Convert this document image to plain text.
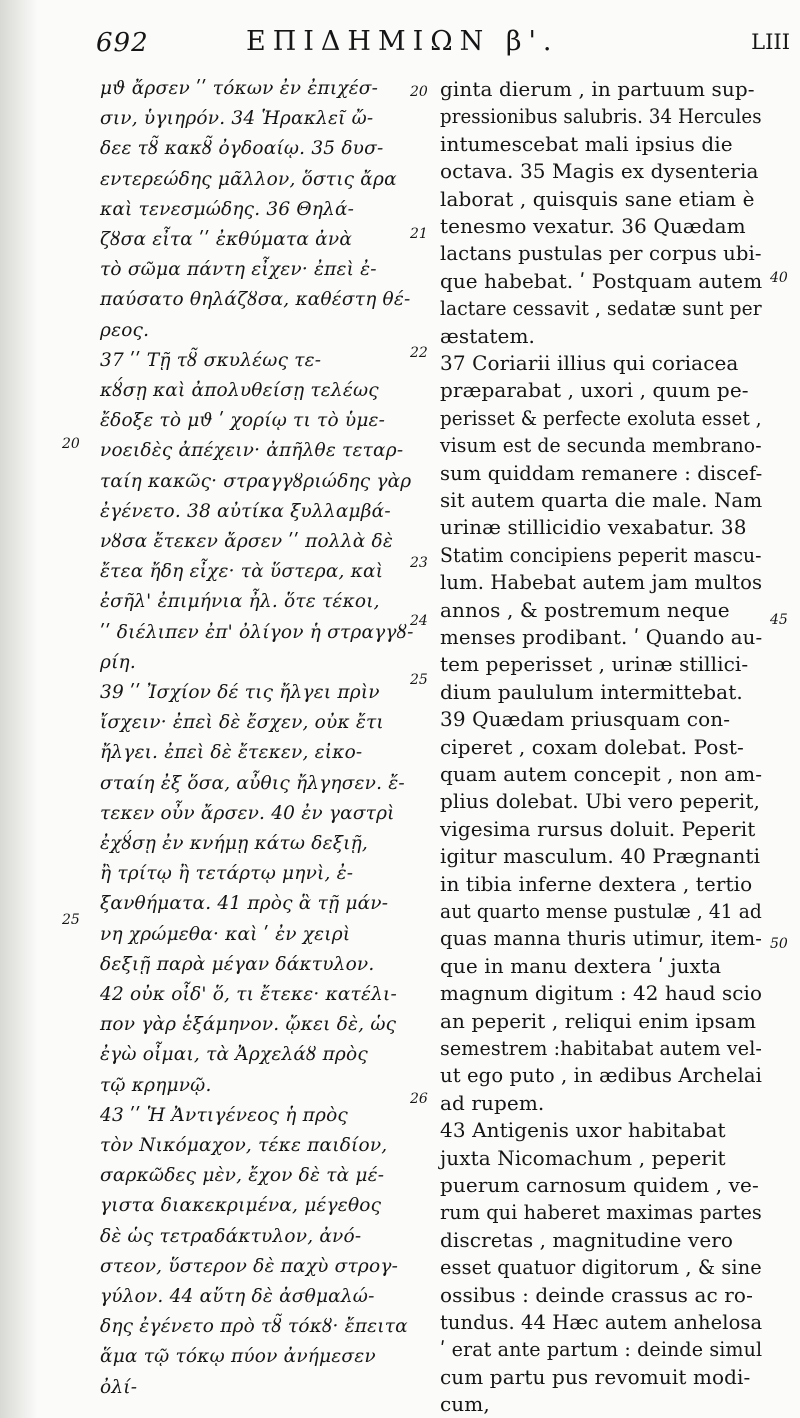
692	ΕΠΙΔΗΜΙΩΝ β'.	LIII
μϑ ἄρσεν ʹʹ τόκων ἐν ἐπιχέσ-
σιν, ὑγιηρόν. 34 Ἡρακλεῖ ὤ-
δεε τȣ̃ κακȣ̃ ὀγδοαίῳ. 35 δυσ-
εντερεώδης μᾶλλον, ὅστις ἄρα
καὶ τενεσμώδης. 36 Θηλά-
ζȣσα εἶτα ʹʹ ἐκθύματα ἀνὰ
τὸ σῶμα πάντη εἶχεν· ἐπεὶ ἐ-
παύσατο θηλάζȣσα, καθέστη θέ-
ρεος.
37 ʹʹ Τῇ τȣ̃ σκυλέως τε-
κȣ́σῃ καὶ ἀπολυθείσῃ τελέως
ἔδοξε τὸ μϑ ʹ χορίῳ τι τὸ ὑμε-
νοειδὲς ἀπέχειν· ἀπῆλθε τεταρ-
ταίη κακῶς· στραγγȣριώδης γὰρ
ἐγένετο. 38 αὐτίκα ξυλλαμβά-
νȣσα ἔτεκεν ἄρσεν ʹʹ πολλὰ δὲ
ἔτεα ἤδη εἶχε· τὰ ὕστερα, καὶ
ἐσῆλ' ἐπιμήνια ἦλ. ὅτε τέκοι,
ʹʹ διέλιπεν ἐπ' ὀλίγον ἡ στραγγȣ-
ρίη.
39 ʹʹ Ἰσχίον δέ τις ἤλγει πρὶν
ἴσχειν· ἐπεὶ δὲ ἔσχεν, οὐκ ἔτι
ἤλγει. ἐπεὶ δὲ ἔτεκεν, εἰκο-
σταίη ἐξ ὅσα, αὖθις ἤλγησεν. ἔ-
τεκεν οὖν ἄρσεν. 40 ἐν γαστρὶ
ἐχȣ́σῃ ἐν κνήμῃ κάτω δεξιῇ,
ἢ τρίτῳ ἢ τετάρτῳ μηνὶ, ἐ-
ξανθήματα. 41 πρὸς ἃ τῇ μάν-
νη χρώμεθα· καὶ ʹ ἐν χειρὶ
δεξιῇ παρὰ μέγαν δάκτυλον.
42 οὐκ οἶδ' ὅ, τι ἔτεκε· κατέλι-
πον γὰρ ἑξάμηνον. ᾤκει δὲ, ὡς
ἐγὼ οἶμαι, τὰ Ἀρχελάȣ πρὸς
τῷ κρημνῷ.
43 ʹʹ Ἡ Ἀντιγένεος ἡ πρὸς
τὸν Νικόμαχον, τέκε παιδίον,
σαρκῶδες μὲν, ἔχον δὲ τὰ μέ-
γιστα διακεκριμένα, μέγεθος
δὲ ὡς τετραδάκτυλον, ἀνό-
στεον, ὕστερον δὲ παχὺ στρογ-
γύλον. 44 αὕτη δὲ ἀσθμαλώ-
δης ἐγένετο πρὸ τȣ̃ τόκȣ· ἔπειτα
ἅμα τῷ τόκῳ πύον ἀνήμεσεν
ὀλί-
ginta dierum , in partuum sup-
pressionibus salubris. 34 Hercules
intumescebat mali ipsius die
octava. 35 Magis ex dysenteria
laborat , quisquis sane etiam è
tenesmo vexatur. 36 Quædam
lactans pustulas per corpus ubi-
que habebat. ʹ Postquam autem
lactare cessavit , sedatæ sunt per
æstatem.
37 Coriarii illius qui coriacea
præparabat , uxori , quum pe-
perisset & perfecte exoluta esset ,
visum est de secunda membrano-
sum quiddam remanere : discef-
sit autem quarta die male. Nam
urinæ stillicidio vexabatur. 38
Statim concipiens peperit mascu-
lum. Habebat autem jam multos
annos , & postremum neque
menses prodibant. ʹ Quando au-
tem peperisset , urinæ stillici-
dium paululum intermittebat.
39 Quædam priusquam con-
ciperet , coxam dolebat. Post-
quam autem concepit , non am-
plius dolebat. Ubi vero peperit,
vigesima rursus doluit. Peperit
igitur masculum. 40 Prægnanti
in tibia inferne dextera , tertio
aut quarto mense pustulæ , 41 ad
quas manna thuris utimur, item-
que in manu dextera ʹ juxta
magnum digitum : 42 haud scio
an peperit , reliqui enim ipsam
semestrem :habitabat autem vel-
ut ego puto , in ædibus Archelai
ad rupem.
43 Antigenis uxor habitabat
juxta Nicomachum , peperit
puerum carnosum quidem , ve-
rum qui haberet maximas partes
discretas , magnitudine vero
esset quatuor digitorum , & sine
ossibus : deinde crassus ac ro-
tundus. 44 Hæc autem anhelosa
ʹ erat ante partum : deinde simul
cum partu pus revomuit modi-
cum,
20
21
22
23
24
25
26
20
25
40
45
50
